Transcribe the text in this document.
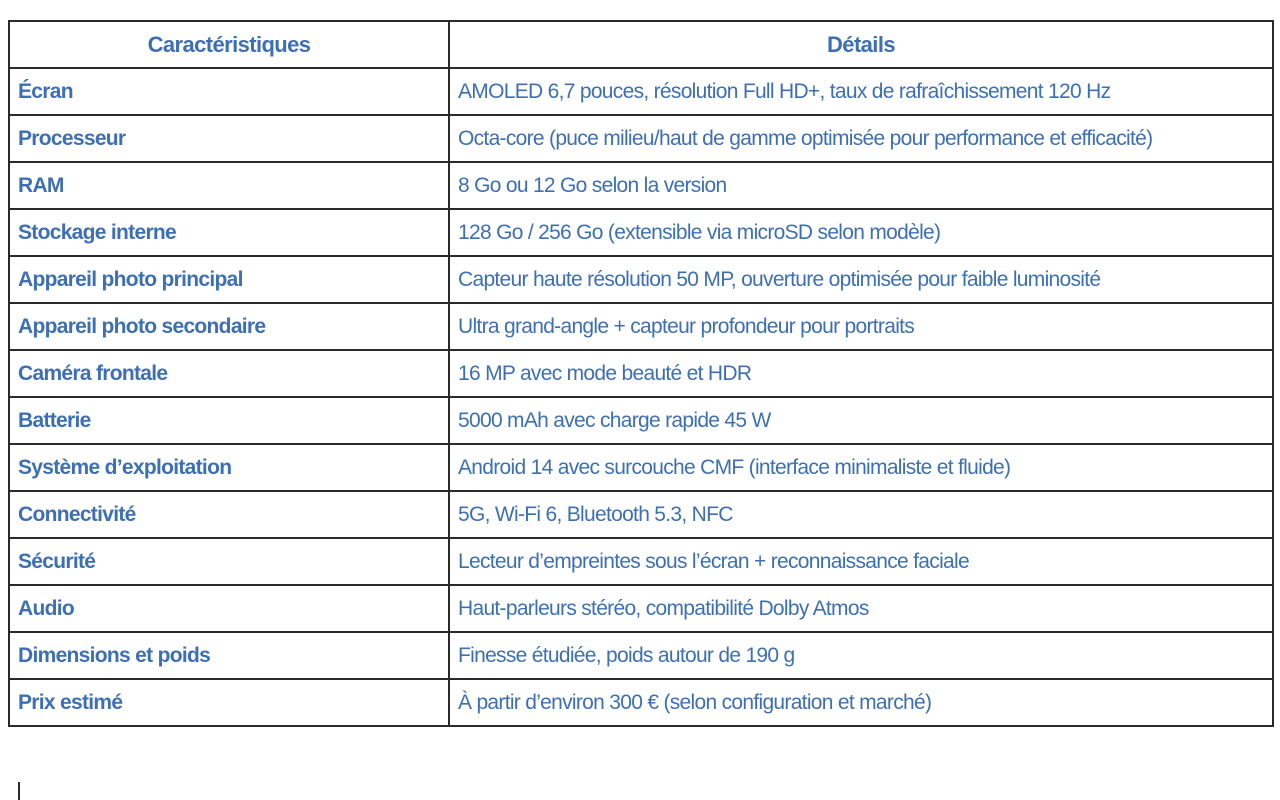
Caractéristiques	Détails
Écran	AMOLED 6,7 pouces, résolution Full HD+, taux de rafraîchissement 120 Hz
Processeur	Octa-core (puce milieu/haut de gamme optimisée pour performance et efficacité)
RAM	8 Go ou 12 Go selon la version
Stockage interne	128 Go / 256 Go (extensible via microSD selon modèle)
Appareil photo principal	Capteur haute résolution 50 MP, ouverture optimisée pour faible luminosité
Appareil photo secondaire	Ultra grand-angle + capteur profondeur pour portraits
Caméra frontale	16 MP avec mode beauté et HDR
Batterie	5000 mAh avec charge rapide 45 W
Système d’exploitation	Android 14 avec surcouche CMF (interface minimaliste et fluide)
Connectivité	5G, Wi-Fi 6, Bluetooth 5.3, NFC
Sécurité	Lecteur d’empreintes sous l’écran + reconnaissance faciale
Audio	Haut-parleurs stéréo, compatibilité Dolby Atmos
Dimensions et poids	Finesse étudiée, poids autour de 190 g
Prix estimé	À partir d’environ 300 € (selon configuration et marché)
